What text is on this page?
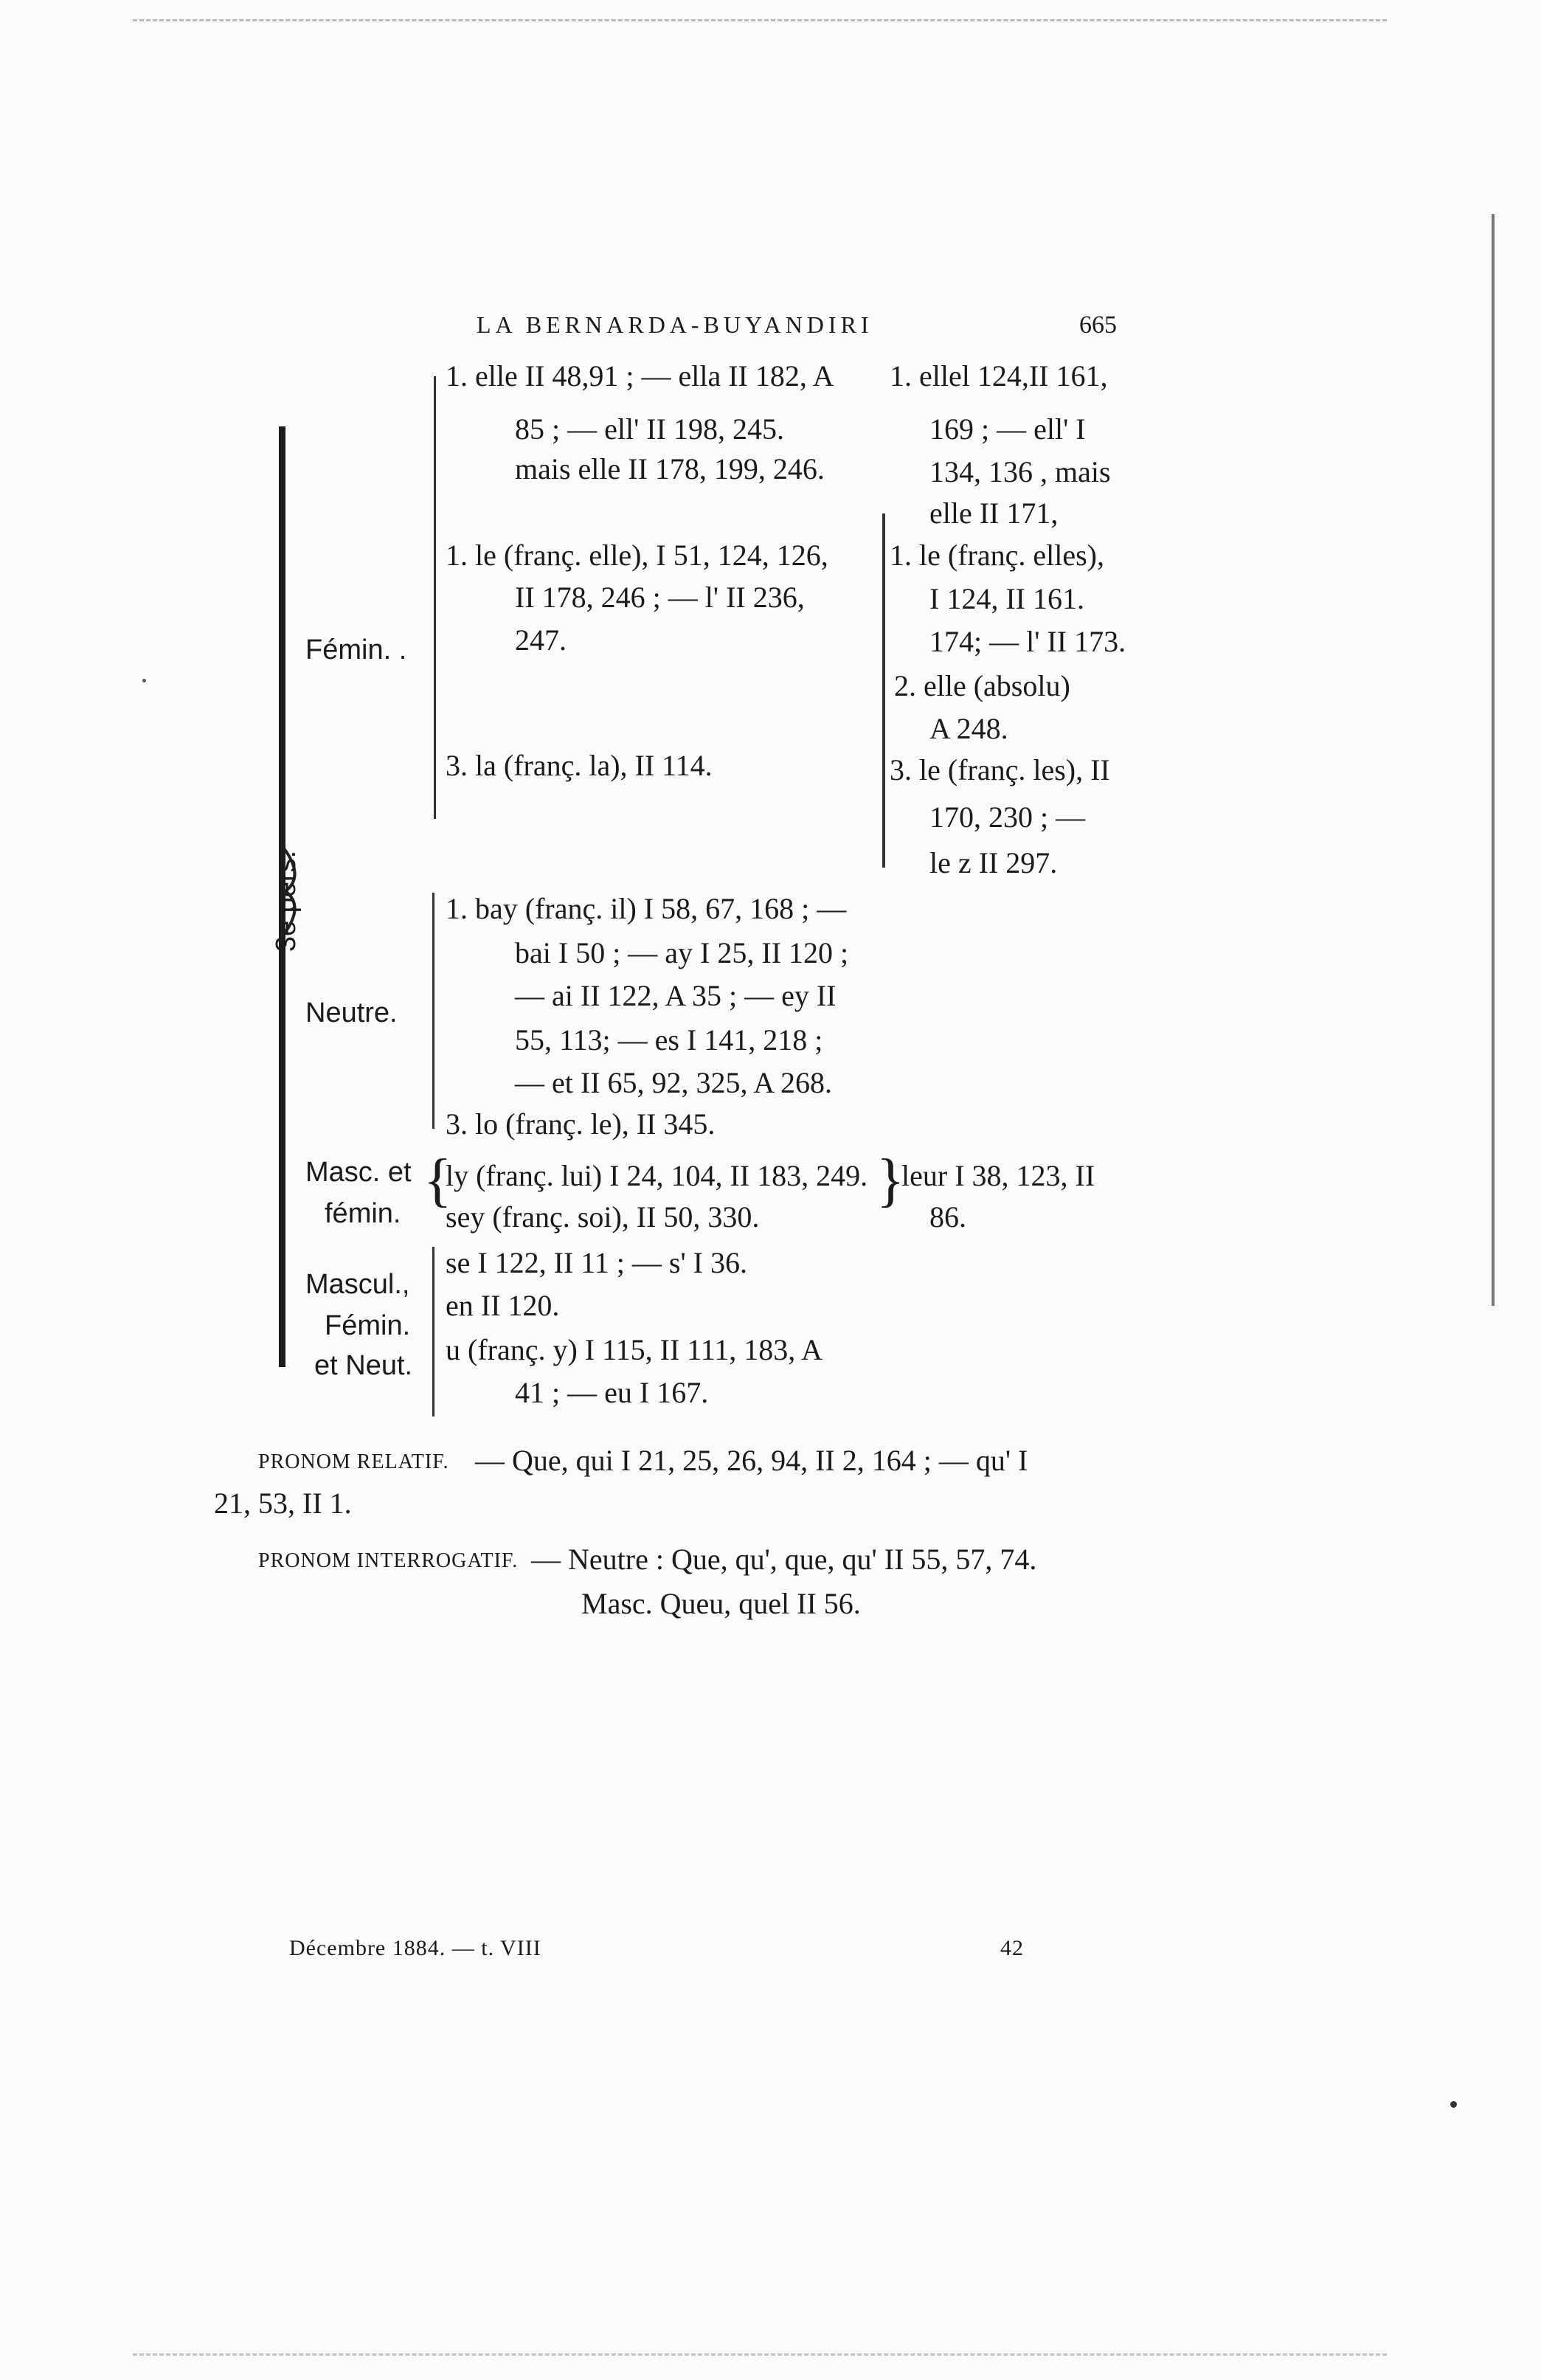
LA BERNARDA-BUYANDIRI	665
3e pers.
Fémin. .
1. elle II 48,91 ; — ella II 182, A
85 ; — ell' II 198, 245.
mais elle II 178, 199, 246.
1. le (franç. elle), I 51, 124, 126,
II 178, 246 ; — l' II 236,
247.
3. la (franç. la), II 114.
1. ellel 124,II 161,
169 ; — ell' I
134, 136 , mais
elle II 171,
1. le (franç. elles),
I 124, II 161.
174; — l' II 173.
2. elle (absolu)
A 248.
3. le (franç. les), II
170, 230 ; —
le z II 297.
Neutre.
1. bay (franç. il) I 58, 67, 168 ; —
bai I 50 ; — ay I 25, II 120 ;
— ai II 122, A 35 ; — ey II
55, 113; — es I 141, 218 ;
— et II 65, 92, 325, A 268.
3. lo (franç. le), II 345.
Masc. et
fémin.
{
ly (franç. lui) I 24, 104, II 183, 249.
sey (franç. soi), II 50, 330.
}
leur I 38, 123, II
86.
Mascul.,
Fémin.
et Neut.
se I 122, II 11 ; — s' I 36.
en II 120.
u (franç. y) I 115, II 111, 183, A
41 ; — eu I 167.
PRONOM RELATIF. — Que, qui I 21, 25, 26, 94, II 2, 164 ; — qu' I
21, 53, II 1.
PRONOM INTERROGATIF. — Neutre : Que, qu', que, qu' II 55, 57, 74.
Masc. Queu, quel II 56.
Décembre 1884. — t. VIII	42
